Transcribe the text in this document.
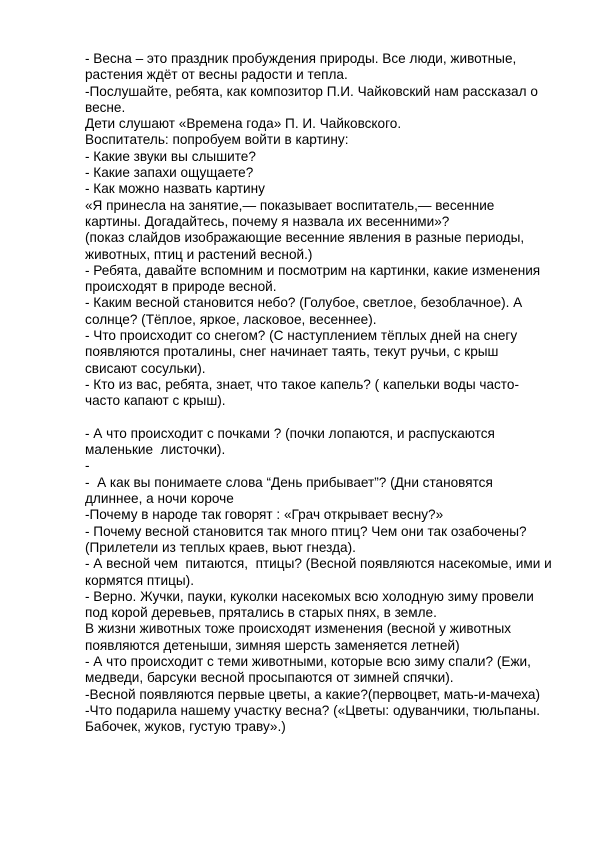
- Весна – это праздник пробуждения природы. Все люди, животные,
растения ждёт от весны радости и тепла.
-Послушайте, ребята, как композитор П.И. Чайковский нам рассказал о
весне.
Дети слушают «Времена года» П. И. Чайковского.
Воспитатель: попробуем войти в картину:
- Какие звуки вы слышите?
- Какие запахи ощущаете?
- Как можно назвать картину
«Я принесла на занятие,— показывает воспитатель,— весенние
картины. Догадайтесь, почему я назвала их весенними»?
(показ слайдов изображающие весенние явления в разные периоды,
животных, птиц и растений весной.)
- Ребята, давайте вспомним и посмотрим на картинки, какие изменения
происходят в природе весной.
- Каким весной становится небо? (Голубое, светлое, безоблачное). А
солнце? (Тёплое, яркое, ласковое, весеннее).
- Что происходит со снегом? (С наступлением тёплых дней на снегу
появляются проталины, снег начинает таять, текут ручьи, с крыш
свисают сосульки).
- Кто из вас, ребята, знает, что такое капель? ( капельки воды часто-
часто капают с крыш).
- А что происходит с почками ? (почки лопаются, и распускаются
маленькие  листочки).
-
-  А как вы понимаете слова “День прибывает”? (Дни становятся
длиннее, а ночи короче
-Почему в народе так говорят : «Грач открывает весну?»
- Почему весной становится так много птиц? Чем они так озабочены?
(Прилетели из теплых краев, вьют гнезда).
- А весной чем  питаются,  птицы? (Весной появляются насекомые, ими и
кормятся птицы).
- Верно. Жучки, пауки, куколки насекомых всю холодную зиму провели
под корой деревьев, прятались в старых пнях, в земле.
В жизни животных тоже происходят изменения (весной у животных
появляются детеныши, зимняя шерсть заменяется летней)
- А что происходит с теми животными, которые всю зиму спали? (Ежи,
медведи, барсуки весной просыпаются от зимней спячки).
-Весной появляются первые цветы, а какие?(первоцвет, мать-и-мачеха)
-Что подарила нашему участку весна? («Цветы: одуванчики, тюльпаны.
Бабочек, жуков, густую траву».)
